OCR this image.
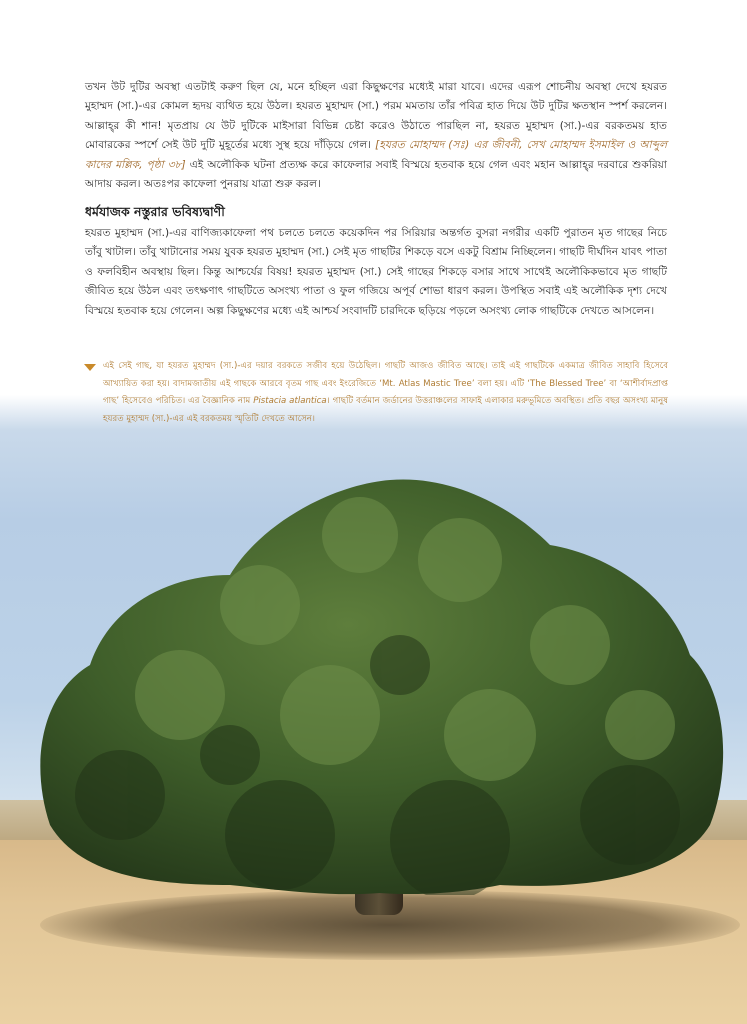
তখন উট দুটির অবস্থা এতটাই করুণ ছিল যে, মনে হচ্ছিল এরা কিছুক্ষণের মধ্যেই মারা যাবে। এদের এরূপ শোচনীয় অবস্থা দেখে হযরত মুহাম্মদ (সা.)-এর কোমল হৃদয় ব্যথিত হয়ে উঠল। হযরত মুহাম্মদ (সা.) পরম মমতায় তাঁর পবিত্র হাত দিয়ে উট দুটির ক্ষতস্থান স্পর্শ করলেন। আল্লাহ্‌র কী শান! মৃতপ্রায় যে উট দুটিকে মাইসারা বিভিন্ন চেষ্টা করেও উঠাতে পারছিল না, হযরত মুহাম্মদ (সা.)-এর বরকতময় হাত মোবারকের স্পর্শে সেই উট দুটি মুহূর্তের মধ্যে সুস্থ হয়ে দাঁড়িয়ে গেল। [হযরত মোহাম্মদ (সঃ) এর জীবনী, সেখ মোহাম্মদ ইসমাইল ও আব্দুল কাদের মল্লিক, পৃষ্ঠা ৩৮] এই অলৌকিক ঘটনা প্রত্যক্ষ করে কাফেলার সবাই বিস্ময়ে হতবাক হয়ে গেল এবং মহান আল্লাহ্‌র দরবারে শুকরিয়া আদায় করল। অতঃপর কাফেলা পুনরায় যাত্রা শুরু করল।
ধর্মযাজক নস্তুরার ভবিষ্যদ্বাণী
হযরত মুহাম্মদ (সা.)-এর বাণিজ্যকাফেলা পথ চলতে চলতে কয়েকদিন পর সিরিয়ার অন্তর্গত বুসরা নগরীর একটি পুরাতন মৃত গাছের নিচে তাঁবু খাটাল। তাঁবু খাটানোর সময় যুবক হযরত মুহাম্মদ (সা.) সেই মৃত গাছটির শিকড়ে বসে একটু বিশ্রাম নিচ্ছিলেন। গাছটি দীর্ঘদিন যাবৎ পাতা ও ফলবিহীন অবস্থায় ছিল। কিন্তু আশ্চর্যের বিষয়! হযরত মুহাম্মদ (সা.) সেই গাছের শিকড়ে বসার সাথে সাথেই অলৌকিকভাবে মৃত গাছটি জীবিত হয়ে উঠল এবং তৎক্ষণাৎ গাছটিতে অসংখ্য পাতা ও ফুল গজিয়ে অপূর্ব শোভা ধারণ করল। উপস্থিত সবাই এই অলৌকিক দৃশ্য দেখে বিস্ময়ে হতবাক হয়ে গেলেন। অল্প কিছুক্ষণের মধ্যে এই আশ্চর্য সংবাদটি চারদিকে ছড়িয়ে পড়লে অসংখ্য লোক গাছটিকে দেখতে আসলেন।
এই সেই গাছ, যা হযরত মুহাম্মদ (সা.)-এর দয়ার বরকতে সজীব হয়ে উঠেছিল। গাছটি আজও জীবিত আছে। তাই এই গাছটিকে একমাত্র জীবিত সাহাবি হিসেবে আখ্যায়িত করা হয়। বাদামজাতীয় এই গাছকে আরবে বৃতম গাছ এবং ইংরেজিতে ‘Mt. Atlas Mastic Tree’ বলা হয়। এটি ‘The Blessed Tree’ বা ‘আশীর্বাদপ্রাপ্ত গাছ’ হিসেবেও পরিচিত। এর বৈজ্ঞানিক নাম Pistacia atlantica। গাছটি বর্তমান জর্ডানের উত্তরাঞ্চলের সাফাই এলাকার মরুভূমিতে অবস্থিত। প্রতি বছর অসংখ্য মানুষ হযরত মুহাম্মদ (সা.)-এর এই বরকতময় স্মৃতিটি দেখতে আসেন।
